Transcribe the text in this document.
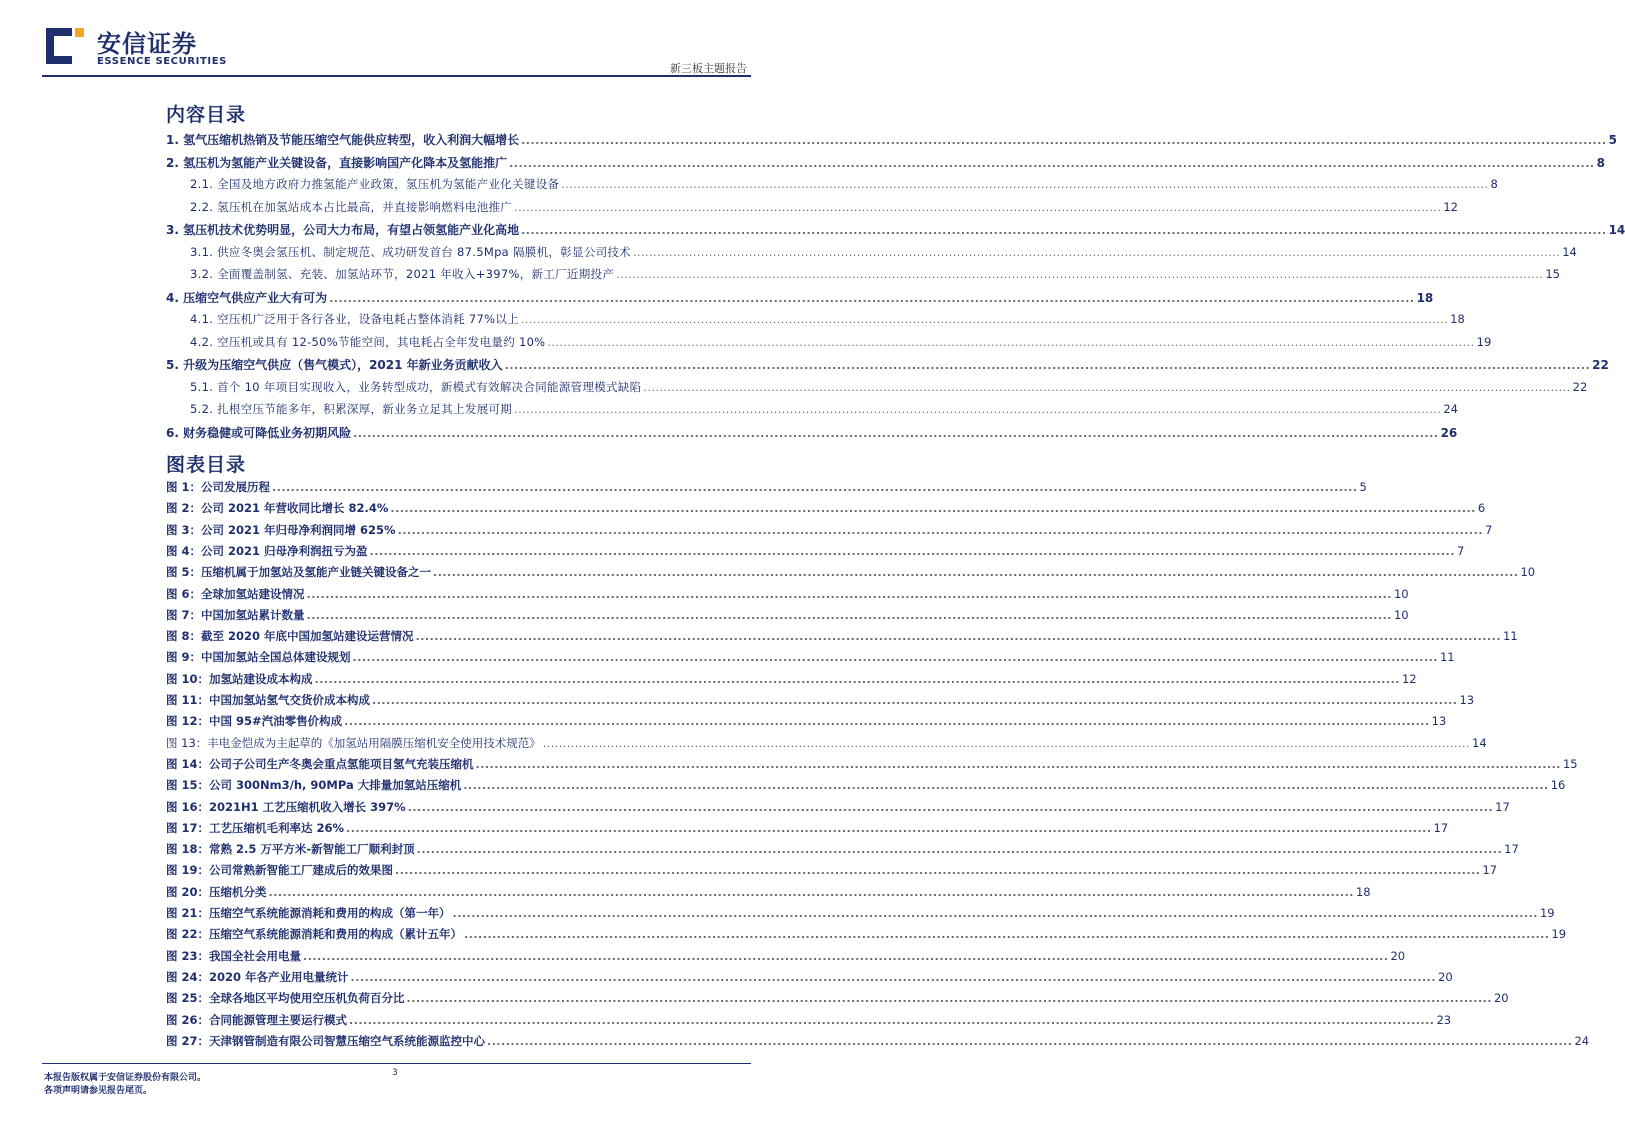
安信证券
ESSENCE SECURITIES
新三板主题报告
内容目录
1. 氢气压缩机热销及节能压缩空气能供应转型，收入利润大幅增长 .....	5
2. 氢压机为氢能产业关键设备，直接影响国产化降本及氢能推广 .....	8
2.1. 全国及地方政府力推氢能产业政策，氢压机为氢能产业化关键设备 .....	8
2.2. 氢压机在加氢站成本占比最高，并直接影响燃料电池推广 .....	12
3. 氢压机技术优势明显，公司大力布局，有望占领氢能产业化高地 .....	14
3.1. 供应冬奥会氢压机、制定规范、成功研发首台 87.5Mpa 隔膜机，彰显公司技术 .....	14
3.2. 全面覆盖制氢、充装、加氢站环节，2021 年收入+397%，新工厂近期投产 .....	15
4. 压缩空气供应产业大有可为 .....	18
4.1. 空压机广泛用于各行各业，设备电耗占整体消耗 77%以上 .....	18
4.2. 空压机或具有 12-50%节能空间，其电耗占全年发电量约 10% .....	19
5. 升级为压缩空气供应（售气模式），2021 年新业务贡献收入 .....	22
5.1. 首个 10 年项目实现收入，业务转型成功，新模式有效解决合同能源管理模式缺陷 .....	22
5.2. 扎根空压节能多年，积累深厚，新业务立足其上发展可期 .....	24
6. 财务稳健或可降低业务初期风险 .....	26
图表目录
图 1：公司发展历程 .....	5
图 2：公司 2021 年营收同比增长 82.4% .....	6
图 3：公司 2021 年归母净利润同增 625% .....	7
图 4：公司 2021 归母净利润扭亏为盈 .....	7
图 5：压缩机属于加氢站及氢能产业链关键设备之一 .....	10
图 6：全球加氢站建设情况 .....	10
图 7：中国加氢站累计数量 .....	10
图 8：截至 2020 年底中国加氢站建设运营情况 .....	11
图 9：中国加氢站全国总体建设规划 .....	11
图 10：加氢站建设成本构成 .....	12
图 11：中国加氢站氢气交货价成本构成 .....	13
图 12：中国 95#汽油零售价构成 .....	13
图 13：丰电金恺成为主起草的《加氢站用隔膜压缩机安全使用技术规范》 .....	14
图 14：公司子公司生产冬奥会重点氢能项目氢气充装压缩机 .....	15
图 15：公司 300Nm3/h, 90MPa 大排量加氢站压缩机 .....	16
图 16：2021H1 工艺压缩机收入增长 397% .....	17
图 17：工艺压缩机毛利率达 26% .....	17
图 18：常熟 2.5 万平方米-新智能工厂顺利封顶 .....	17
图 19：公司常熟新智能工厂建成后的效果图 .....	17
图 20：压缩机分类 .....	18
图 21：压缩空气系统能源消耗和费用的构成（第一年） .....	19
图 22：压缩空气系统能源消耗和费用的构成（累计五年） .....	19
图 23：我国全社会用电量 .....	20
图 24：2020 年各产业用电量统计 .....	20
图 25：全球各地区平均使用空压机负荷百分比 .....	20
图 26：合同能源管理主要运行模式 .....	23
图 27：天津钢管制造有限公司智慧压缩空气系统能源监控中心 .....	24
本报告版权属于安信证券股份有限公司。
各项声明请参见报告尾页。
3
